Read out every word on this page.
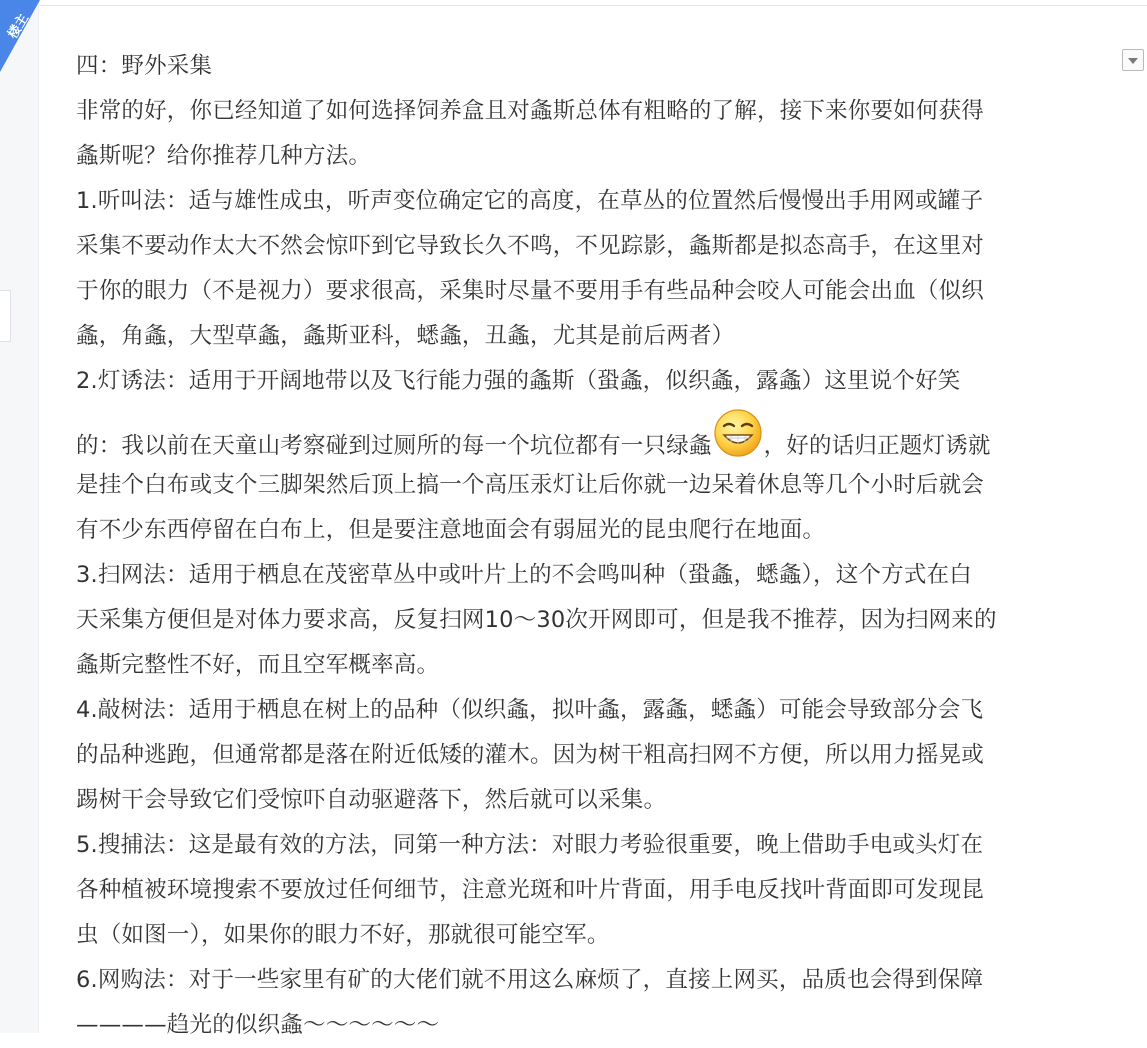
楼主
四：野外采集
非常的好，你已经知道了如何选择饲养盒且对螽斯总体有粗略的了解，接下来你要如何获得
螽斯呢？给你推荐几种方法。
1.听叫法：适与雄性成虫，听声变位确定它的高度，在草丛的位置然后慢慢出手用网或罐子
采集不要动作太大不然会惊吓到它导致长久不鸣，不见踪影，螽斯都是拟态高手，在这里对
于你的眼力（不是视力）要求很高，采集时尽量不要用手有些品种会咬人可能会出血（似织
螽，角螽，大型草螽，螽斯亚科，蟋螽，丑螽，尤其是前后两者）
2.灯诱法：适用于开阔地带以及飞行能力强的螽斯（蛩螽，似织螽，露螽）这里说个好笑
的：我以前在天童山考察碰到过厕所的每一个坑位都有一只绿螽 ，好的话归正题灯诱就
是挂个白布或支个三脚架然后顶上搞一个高压汞灯让后你就一边呆着休息等几个小时后就会
有不少东西停留在白布上，但是要注意地面会有弱屈光的昆虫爬行在地面。
3.扫网法：适用于栖息在茂密草丛中或叶片上的不会鸣叫种（蛩螽，蟋螽），这个方式在白
天采集方便但是对体力要求高，反复扫网10～30次开网即可，但是我不推荐，因为扫网来的
螽斯完整性不好，而且空军概率高。
4.敲树法：适用于栖息在树上的品种（似织螽，拟叶螽，露螽，蟋螽）可能会导致部分会飞
的品种逃跑，但通常都是落在附近低矮的灌木。因为树干粗高扫网不方便，所以用力摇晃或
踢树干会导致它们受惊吓自动驱避落下，然后就可以采集。
5.搜捕法：这是最有效的方法，同第一种方法：对眼力考验很重要，晚上借助手电或头灯在
各种植被环境搜索不要放过任何细节，注意光斑和叶片背面，用手电反找叶背面即可发现昆
虫（如图一），如果你的眼力不好，那就很可能空军。
6.网购法：对于一些家里有矿的大佬们就不用这么麻烦了，直接上网买，品质也会得到保障
————趋光的似织螽～～～～～～
